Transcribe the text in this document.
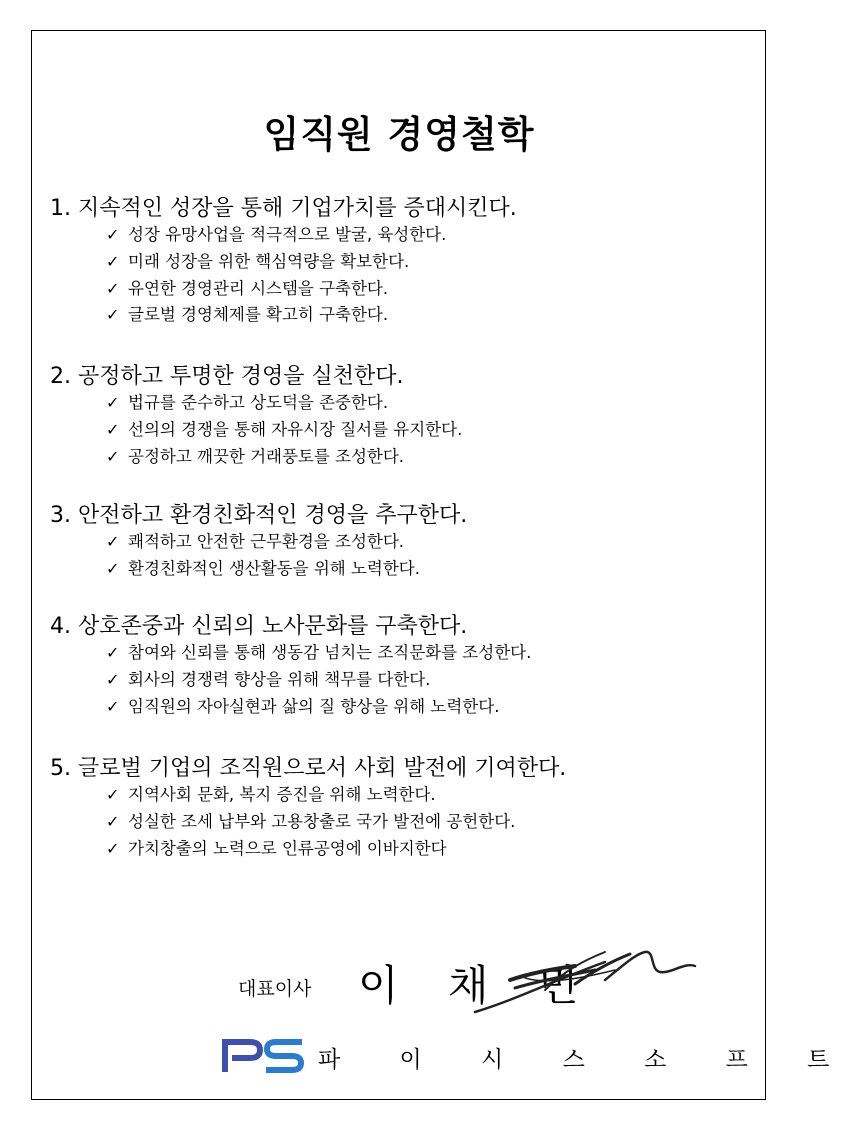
임직원 경영철학
1. 지속적인 성장을 통해 기업가치를 증대시킨다.
✓ 성장 유망사업을 적극적으로 발굴, 육성한다.
✓ 미래 성장을 위한 핵심역량을 확보한다.
✓ 유연한 경영관리 시스템을 구축한다.
✓ 글로벌 경영체제를 확고히 구축한다.
2. 공정하고 투명한 경영을 실천한다.
✓ 법규를 준수하고 상도덕을 존중한다.
✓ 선의의 경쟁을 통해 자유시장 질서를 유지한다.
✓ 공정하고 깨끗한 거래풍토를 조성한다.
3. 안전하고 환경친화적인 경영을 추구한다.
✓ 쾌적하고 안전한 근무환경을 조성한다.
✓ 환경친화적인 생산활동을 위해 노력한다.
4. 상호존중과 신뢰의 노사문화를 구축한다.
✓ 참여와 신뢰를 통해 생동감 넘치는 조직문화를 조성한다.
✓ 회사의 경쟁력 향상을 위해 책무를 다한다.
✓ 임직원의 자아실현과 삶의 질 향상을 위해 노력한다.
5. 글로벌 기업의 조직원으로서 사회 발전에 기여한다.
✓ 지역사회 문화, 복지 증진을 위해 노력한다.
✓ 성실한 조세 납부와 고용창출로 국가 발전에 공헌한다.
✓ 가치창출의 노력으로 인류공영에 이바지한다
대표이사 이 채 민
파 이 시 스 소 프 트
